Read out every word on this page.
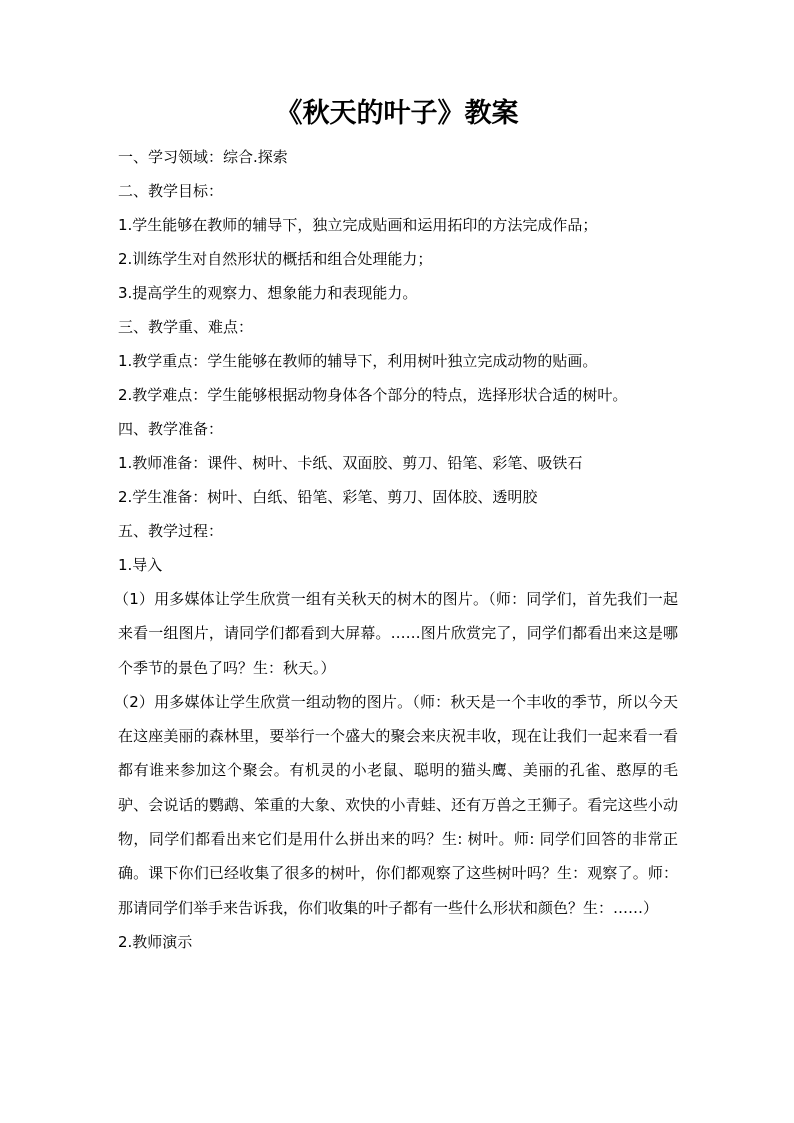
《秋天的叶子》教案
一、学习领域：综合.探索
二、教学目标：
1.学生能够在教师的辅导下，独立完成贴画和运用拓印的方法完成作品；
2.训练学生对自然形状的概括和组合处理能力；
3.提高学生的观察力、想象能力和表现能力。
三、教学重、难点：
1.教学重点：学生能够在教师的辅导下，利用树叶独立完成动物的贴画。
2.教学难点：学生能够根据动物身体各个部分的特点，选择形状合适的树叶。
四、教学准备：
1.教师准备：课件、树叶、卡纸、双面胶、剪刀、铅笔、彩笔、吸铁石
2.学生准备：树叶、白纸、铅笔、彩笔、剪刀、固体胶、透明胶
五、教学过程：
1.导入
（1）用多媒体让学生欣赏一组有关秋天的树木的图片。（师：同学们，首先我们一起来看一组图片，请同学们都看到大屏幕。……图片欣赏完了，同学们都看出来这是哪个季节的景色了吗？生：秋天。）
（2）用多媒体让学生欣赏一组动物的图片。（师：秋天是一个丰收的季节，所以今天在这座美丽的森林里，要举行一个盛大的聚会来庆祝丰收，现在让我们一起来看一看都有谁来参加这个聚会。有机灵的小老鼠、聪明的猫头鹰、美丽的孔雀、憨厚的毛驴、会说话的鹦鹉、笨重的大象、欢快的小青蛙、还有万兽之王狮子。看完这些小动物，同学们都看出来它们是用什么拼出来的吗？生: 树叶。师: 同学们回答的非常正确。课下你们已经收集了很多的树叶，你们都观察了这些树叶吗？生：观察了。师：那请同学们举手来告诉我，你们收集的叶子都有一些什么形状和颜色？生：……）
2.教师演示
